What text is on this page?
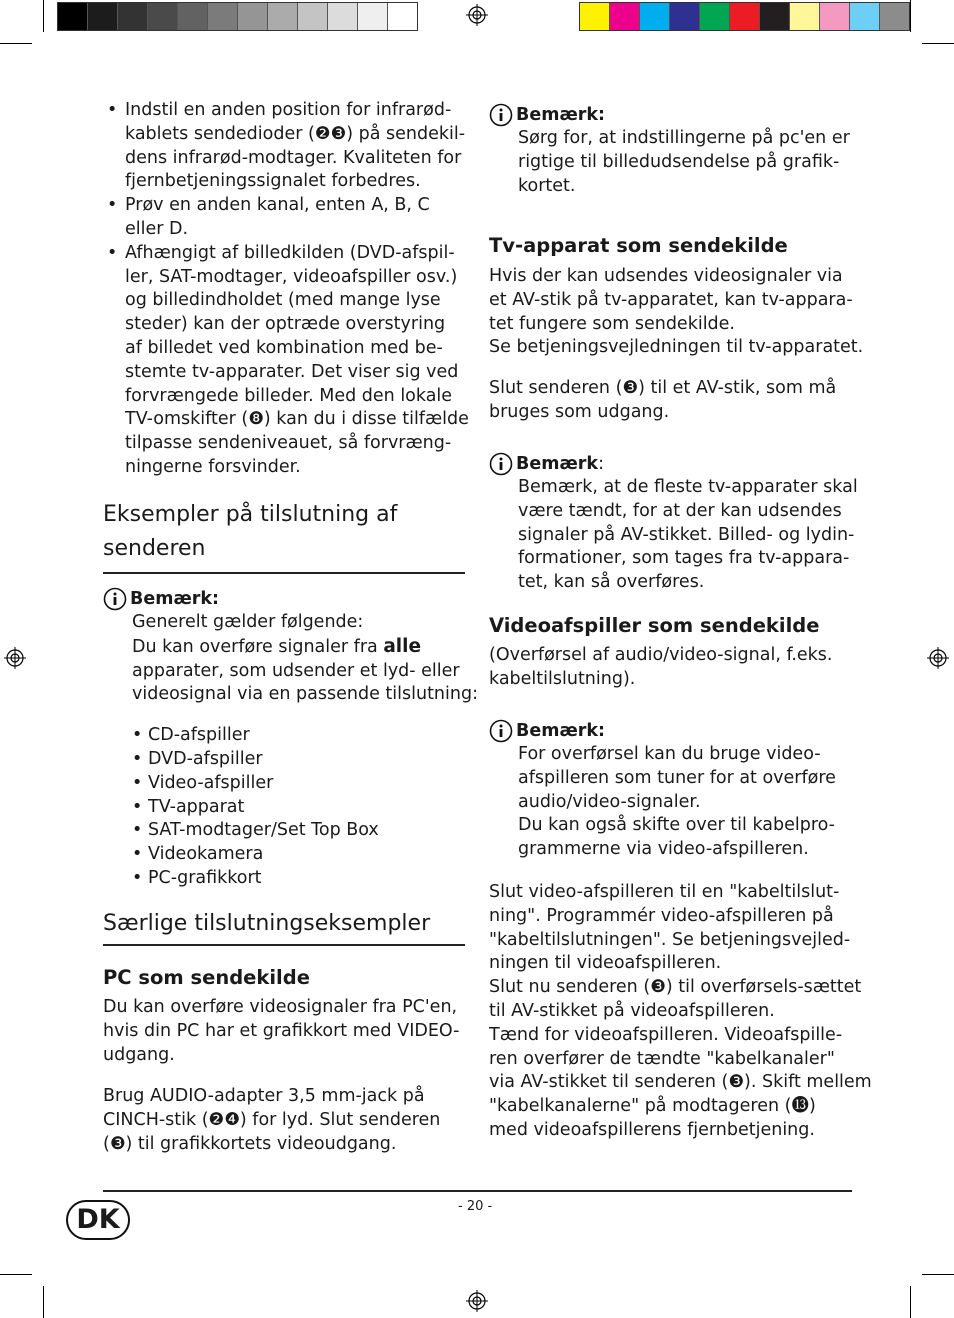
• Indstil en anden position for infrarød-
kablets sendedioder (❷❸) på sendekil-
dens infrarød-modtager. Kvaliteten for
fjernbetjeningssignalet forbedres.
• Prøv en anden kanal, enten A, B, C
eller D.
• Afhængigt af billedkilden (DVD-afspil-
ler, SAT-modtager, videoafspiller osv.)
og billedindholdet (med mange lyse
steder) kan der optræde overstyring
af billedet ved kombination med be-
stemte tv-apparater. Det viser sig ved
forvrængede billeder. Med den lokale
TV-omskifter (❽) kan du i disse tilfælde
tilpasse sendeniveauet, så forvræng-
ningerne forsvinder.
Eksempler på tilslutning af
senderen
Bemærk:
Generelt gælder følgende:
Du kan overføre signaler fra alle
apparater, som udsender et lyd- eller
videosignal via en passende tilslutning:
• CD-afspiller
• DVD-afspiller
• Video-afspiller
• TV-apparat
• SAT-modtager/Set Top Box
• Videokamera
• PC-grafikkort
Særlige tilslutningseksempler
PC som sendekilde
Du kan overføre videosignaler fra PC'en,
hvis din PC har et grafikkort med VIDEO-
udgang.
Brug AUDIO-adapter 3,5 mm-jack på
CINCH-stik (❷❹) for lyd. Slut senderen
(❸) til grafikkortets videoudgang.
Bemærk:
Sørg for, at indstillingerne på pc'en er
rigtige til billedudsendelse på grafik-
kortet.
Tv-apparat som sendekilde
Hvis der kan udsendes videosignaler via
et AV-stik på tv-apparatet, kan tv-appara-
tet fungere som sendekilde.
Se betjeningsvejledningen til tv-apparatet.
Slut senderen (❸) til et AV-stik, som må
bruges som udgang.
Bemærk:
Bemærk, at de fleste tv-apparater skal
være tændt, for at der kan udsendes
signaler på AV-stikket. Billed- og lydin-
formationer, som tages fra tv-appara-
tet, kan så overføres.
Videoafspiller som sendekilde
(Overførsel af audio/video-signal, f.eks.
kabeltilslutning).
Bemærk:
For overførsel kan du bruge video-
afspilleren som tuner for at overføre
audio/video-signaler.
Du kan også skifte over til kabelpro-
grammerne via video-afspilleren.
Slut video-afspilleren til en "kabeltilslut-
ning". Programmér video-afspilleren på
"kabeltilslutningen". Se betjeningsvejled-
ningen til videoafspilleren.
Slut nu senderen (❸) til overførsels-sættet
til AV-stikket på videoafspilleren.
Tænd for videoafspilleren. Videoafspille-
ren overfører de tændte "kabelkanaler"
via AV-stikket til senderen (❸). Skift mellem
"kabelkanalerne" på modtageren (⓭)
med videoafspillerens fjernbetjening.
- 20 -
DK
